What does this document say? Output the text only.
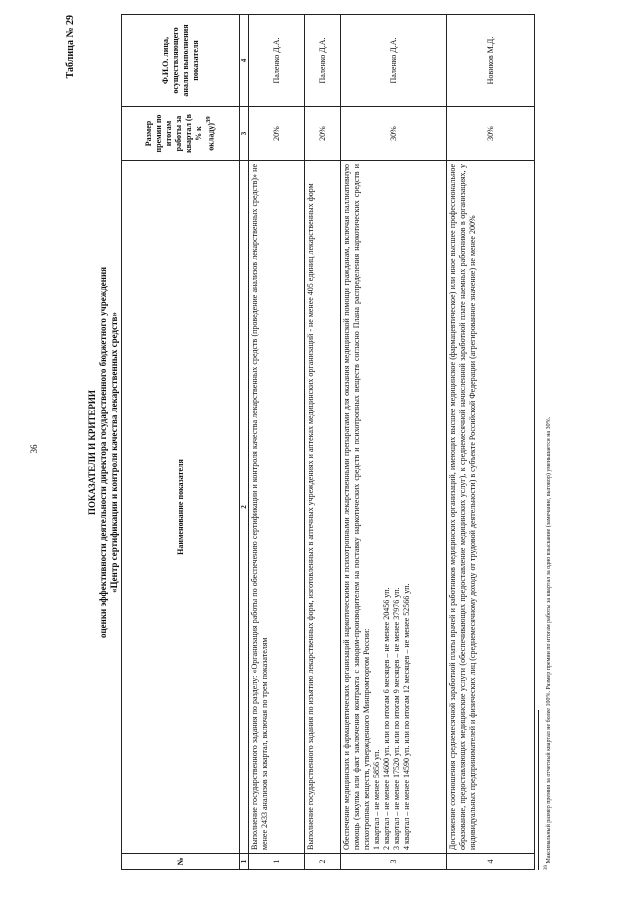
36
Таблица № 29
ПОКАЗАТЕЛИ И КРИТЕРИИ оценки эффективности деятельности директора государственного бюджетного учреждения «Центр сертификации и контроля качества лекарственных средств»
№	Наименование показателя	Размер премии по итогам работы за квартал (в % к окладу)$^{39}$	Ф.И.О. лица, осуществляющего анализ выполнения показателя
1	2	3	4
1	Выполнение государственного задания по разделу: «Организация работы по обеспечению сертификации и контроля качества лекарственных средств (проведение анализов лекарственных средств)» не менее 2433 анализов за квартал, включая по трем показателям	20%	Паленко Д.А.
2	Выполнение государственного задания по изъятию лекарственных форм, изготовленных в аптечных учреждениях и аптеках медицинских организаций - не менее 405 единиц лекарственных форм	20%	Паленко Д.А.
3	Обеспечение медицинских и фармацевтических организаций наркотическими и психотропными лекарственными препаратами для оказания медицинской помощи гражданам, включая паллиативную помощь (закупка или факт заключения контракта с заводом-производителем на поставку наркотических средств и психотропных веществ согласно Плана распределения наркотических средств и психотропных веществ, утвержденного Минпромторгом России: 1 квартал – не менее 5856 уп. 2 квартал – не менее 14600 уп. или по итогам 6 месяцев – не менее 20456 уп. 3 квартал – не менее 17520 уп. или по итогам 9 месяцев – не менее 37976 уп. 4 квартал – не менее 14590 уп. или по итогам 12 месяцев – не менее 52566 уп.	30%	Паленко Д.А.
4	Достижение соотношения среднемесячной заработной платы врачей и работников медицинских организаций, имеющих высшее медицинское (фармацевтическое) или иное высшее профессиональное образование, предоставляющих медицинские услуги (обеспечивающих предоставление медицинских услуг), к среднемесячной начисленной заработной плате наемных работников в организациях, у индивидуальных предпринимателей и физических лиц (среднемесячному доходу от трудовой деятельности) в субъекте Российской Федерации (агрегированное значение) не менее 200%	30%	Новиков М.Д.
$^{39}$ Максимальный размер премии за отчетный квартал не более 100%. Размер премии по итогам работы за квартал за одно взыскание (замечание, выговор) уменьшается на 30%.
